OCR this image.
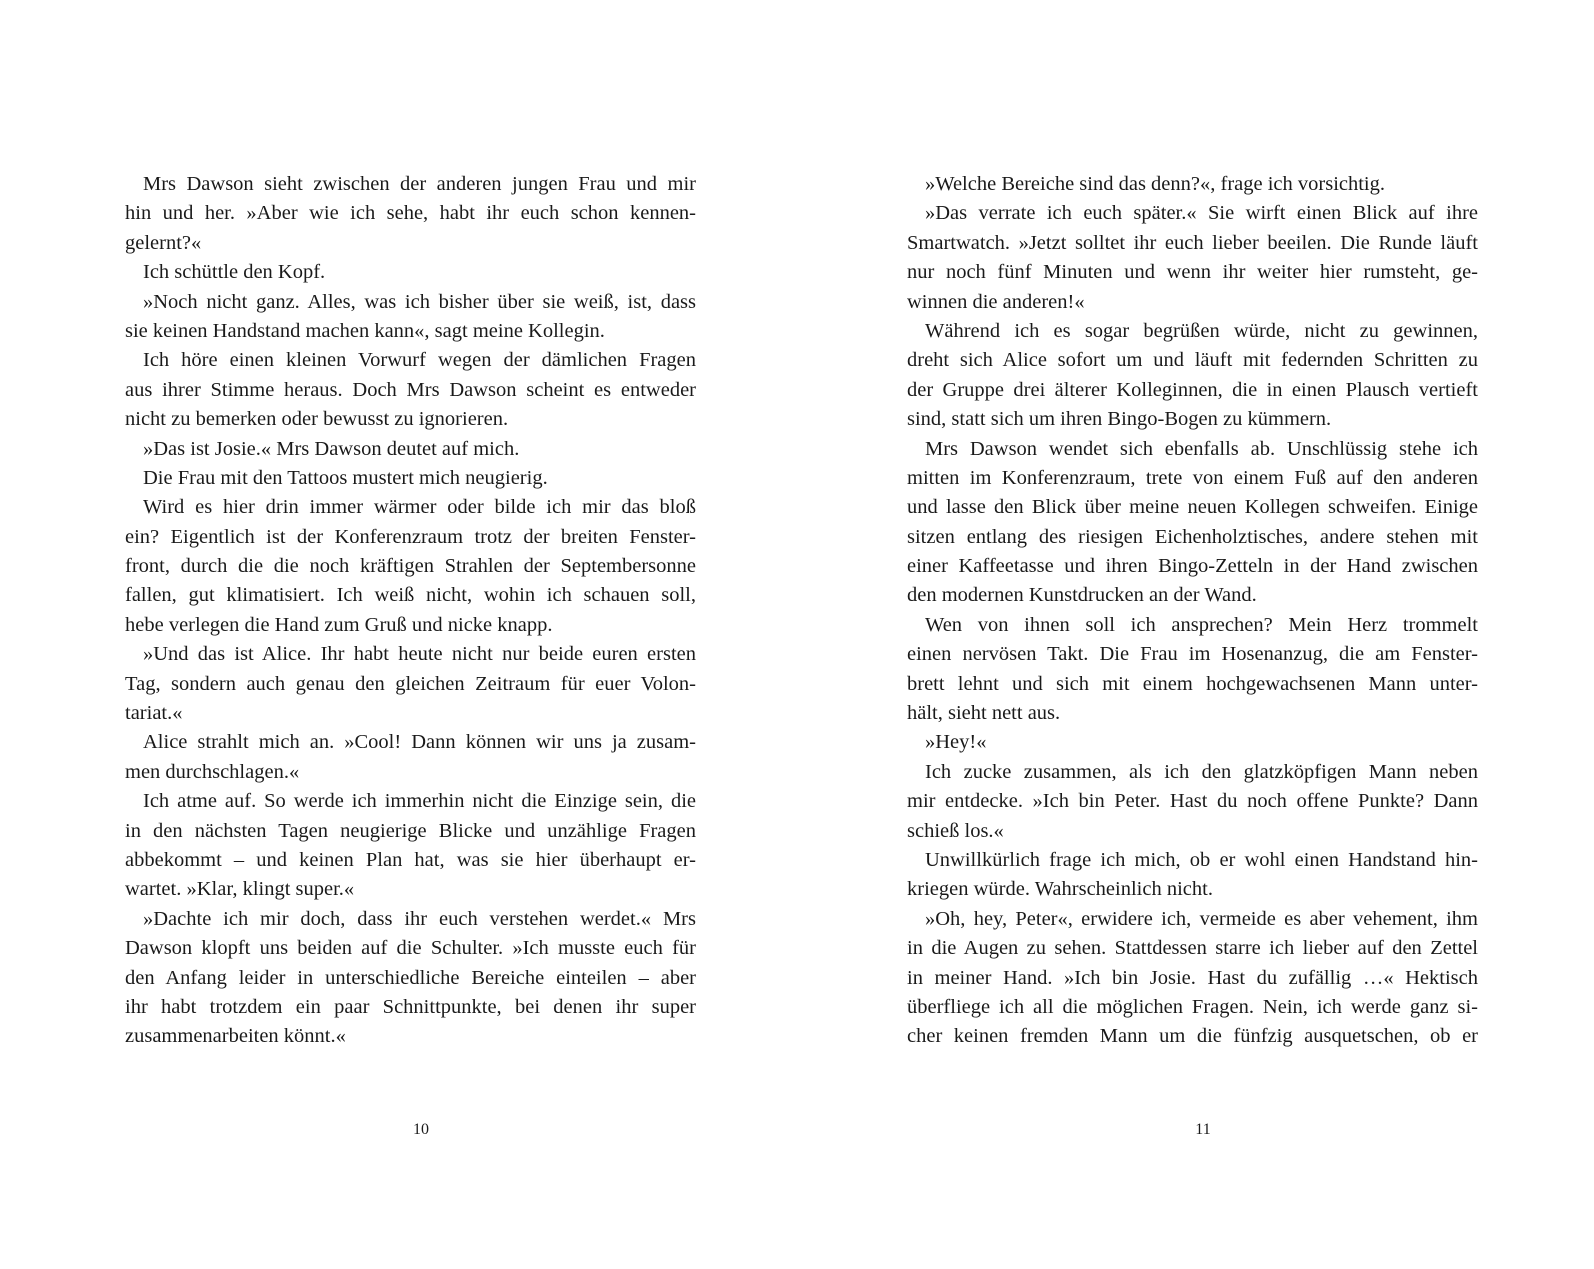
Mrs Dawson sieht zwischen der anderen jungen Frau und mir
hin und her. »Aber wie ich sehe, habt ihr euch schon kennen-
gelernt?«
Ich schüttle den Kopf.
»Noch nicht ganz. Alles, was ich bisher über sie weiß, ist, dass
sie keinen Handstand machen kann«, sagt meine Kollegin.
Ich höre einen kleinen Vorwurf wegen der dämlichen Fragen
aus ihrer Stimme heraus. Doch Mrs Dawson scheint es entweder
nicht zu bemerken oder bewusst zu ignorieren.
»Das ist Josie.« Mrs Dawson deutet auf mich.
Die Frau mit den Tattoos mustert mich neugierig.
Wird es hier drin immer wärmer oder bilde ich mir das bloß
ein? Eigentlich ist der Konferenzraum trotz der breiten Fenster-
front, durch die die noch kräftigen Strahlen der Septembersonne
fallen, gut klimatisiert. Ich weiß nicht, wohin ich schauen soll,
hebe verlegen die Hand zum Gruß und nicke knapp.
»Und das ist Alice. Ihr habt heute nicht nur beide euren ersten
Tag, sondern auch genau den gleichen Zeitraum für euer Volon-
tariat.«
Alice strahlt mich an. »Cool! Dann können wir uns ja zusam-
men durchschlagen.«
Ich atme auf. So werde ich immerhin nicht die Einzige sein, die
in den nächsten Tagen neugierige Blicke und unzählige Fragen
abbekommt – und keinen Plan hat, was sie hier überhaupt er-
wartet. »Klar, klingt super.«
»Dachte ich mir doch, dass ihr euch verstehen werdet.« Mrs
Dawson klopft uns beiden auf die Schulter. »Ich musste euch für
den Anfang leider in unterschiedliche Bereiche einteilen – aber
ihr habt trotzdem ein paar Schnittpunkte, bei denen ihr super
zusammenarbeiten könnt.«
»Welche Bereiche sind das denn?«, frage ich vorsichtig.
»Das verrate ich euch später.« Sie wirft einen Blick auf ihre
Smartwatch. »Jetzt solltet ihr euch lieber beeilen. Die Runde läuft
nur noch fünf Minuten und wenn ihr weiter hier rumsteht, ge-
winnen die anderen!«
Während ich es sogar begrüßen würde, nicht zu gewinnen,
dreht sich Alice sofort um und läuft mit federnden Schritten zu
der Gruppe drei älterer Kolleginnen, die in einen Plausch vertieft
sind, statt sich um ihren Bingo-Bogen zu kümmern.
Mrs Dawson wendet sich ebenfalls ab. Unschlüssig stehe ich
mitten im Konferenzraum, trete von einem Fuß auf den anderen
und lasse den Blick über meine neuen Kollegen schweifen. Einige
sitzen entlang des riesigen Eichenholztisches, andere stehen mit
einer Kaffeetasse und ihren Bingo-Zetteln in der Hand zwischen
den modernen Kunstdrucken an der Wand.
Wen von ihnen soll ich ansprechen? Mein Herz trommelt
einen nervösen Takt. Die Frau im Hosenanzug, die am Fenster-
brett lehnt und sich mit einem hochgewachsenen Mann unter-
hält, sieht nett aus.
»Hey!«
Ich zucke zusammen, als ich den glatzköpfigen Mann neben
mir entdecke. »Ich bin Peter. Hast du noch offene Punkte? Dann
schieß los.«
Unwillkürlich frage ich mich, ob er wohl einen Handstand hin-
kriegen würde. Wahrscheinlich nicht.
»Oh, hey, Peter«, erwidere ich, vermeide es aber vehement, ihm
in die Augen zu sehen. Stattdessen starre ich lieber auf den Zettel
in meiner Hand. »Ich bin Josie. Hast du zufällig …« Hektisch
überfliege ich all die möglichen Fragen. Nein, ich werde ganz si-
cher keinen fremden Mann um die fünfzig ausquetschen, ob er
10	11
